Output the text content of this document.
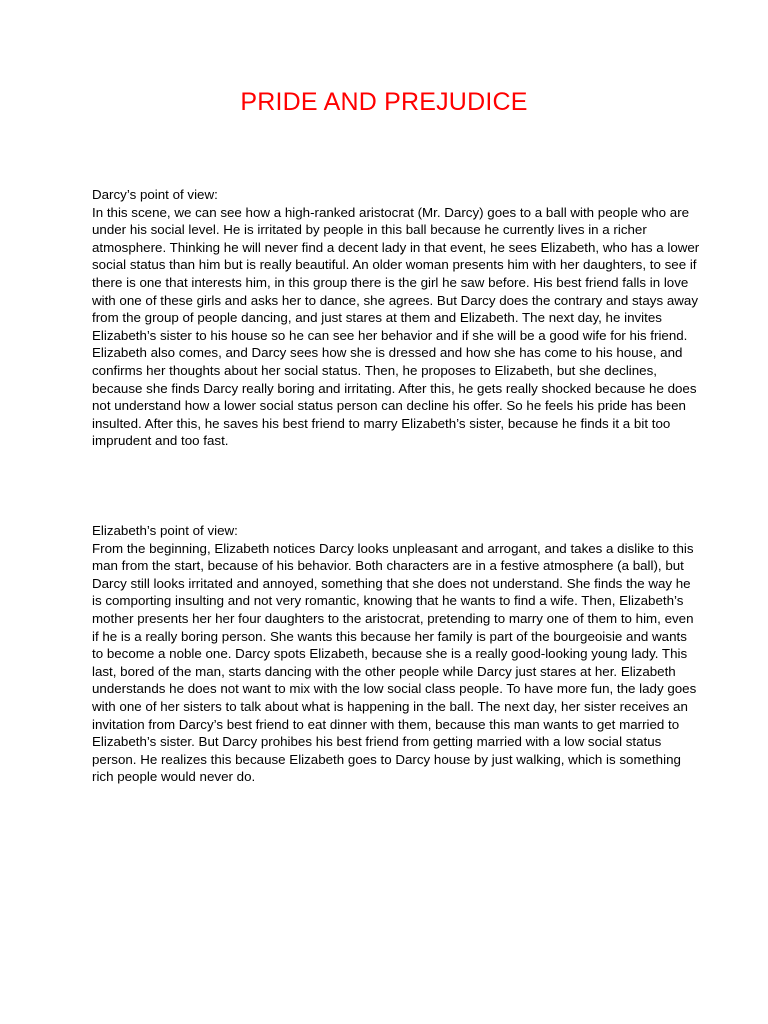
PRIDE AND PREJUDICE

Darcy’s point of view:

In this scene, we can see how a high-ranked aristocrat (Mr. Darcy) goes to a ball with people who are under his social level. He is irritated by people in this ball because he currently lives in a richer atmosphere. Thinking he will never find a decent lady in that event, he sees Elizabeth, who has a lower social status than him but is really beautiful. An older woman presents him with her daughters, to see if there is one that interests him, in this group there is the girl he saw before. His best friend falls in love with one of these girls and asks her to dance, she agrees. But Darcy does the contrary and stays away from the group of people dancing, and just stares at them and Elizabeth. The next day, he invites Elizabeth’s sister to his house so he can see her behavior and if she will be a good wife for his friend. Elizabeth also comes, and Darcy sees how she is dressed and how she has come to his house, and confirms her thoughts about her social status. Then, he proposes to Elizabeth, but she declines, because she finds Darcy really boring and irritating. After this, he gets really shocked because he does not understand how a lower social status person can decline his offer. So he feels his pride has been insulted. After this, he saves his best friend to marry Elizabeth’s sister, because he finds it a bit too imprudent and too fast.

Elizabeth’s point of view:

From the beginning, Elizabeth notices Darcy looks unpleasant and arrogant, and takes a dislike to this man from the start, because of his behavior. Both characters are in a festive atmosphere (a ball), but Darcy still looks irritated and annoyed, something that she does not understand. She finds the way he is comporting insulting and not very romantic, knowing that he wants to find a wife. Then, Elizabeth’s mother presents her her four daughters to the aristocrat, pretending to marry one of them to him, even if he is a really boring person. She wants this because her family is part of the bourgeoisie and wants to become a noble one. Darcy spots Elizabeth, because she is a really good-looking young lady. This last, bored of the man, starts dancing with the other people while Darcy just stares at her. Elizabeth understands he does not want to mix with the low social class people. To have more fun, the lady goes with one of her sisters to talk about what is happening in the ball. The next day, her sister receives an invitation from Darcy’s best friend to eat dinner with them, because this man wants to get married to Elizabeth’s sister. But Darcy prohibes his best friend from getting married with a low social status person. He realizes this because Elizabeth goes to Darcy house by just walking, which is something rich people would never do.
